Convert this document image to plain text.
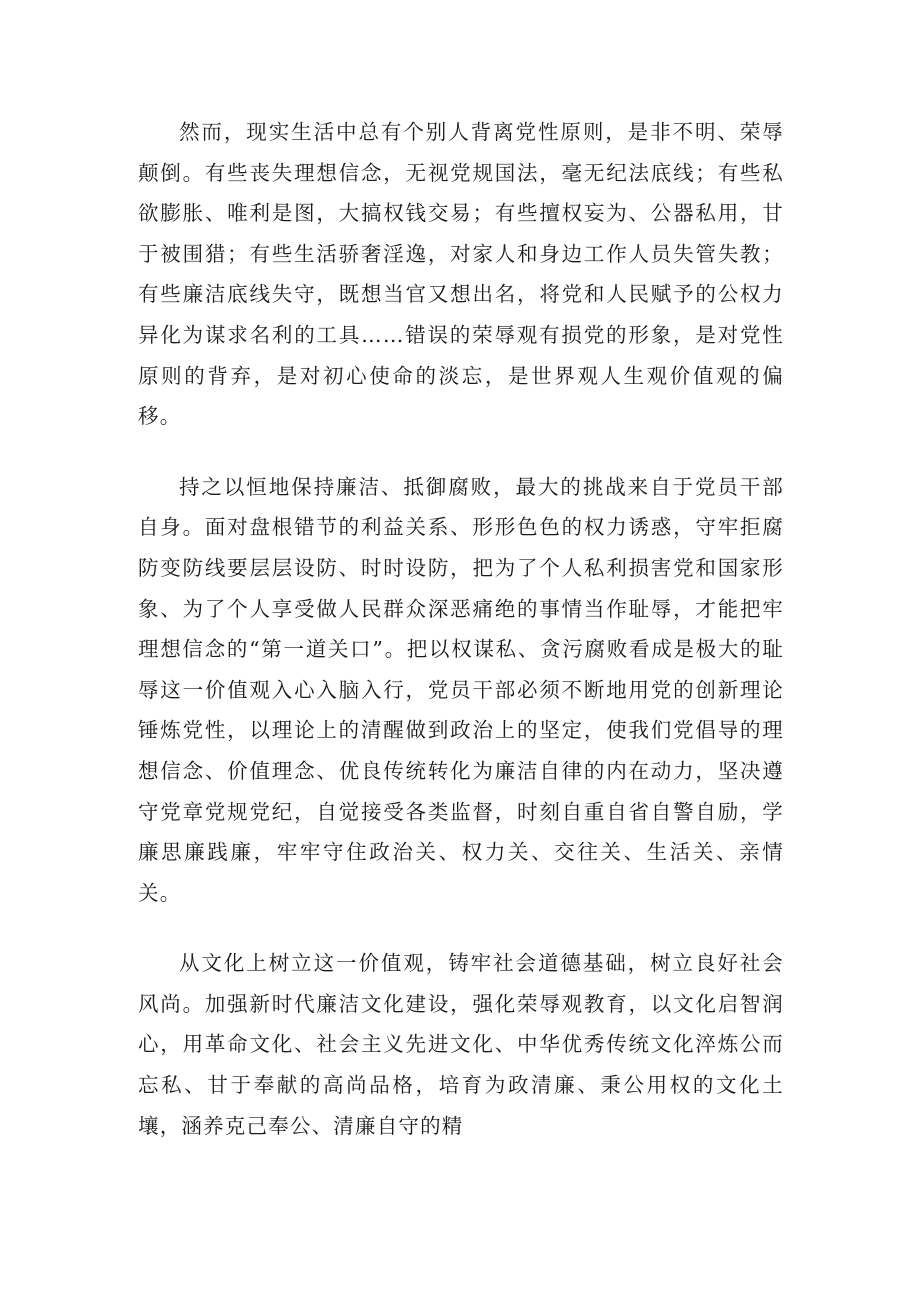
然而，现实生活中总有个别人背离党性原则，是非不明、荣辱颠倒。有些丧失理想信念，无视党规国法，毫无纪法底线；有些私欲膨胀、唯利是图，大搞权钱交易；有些擅权妄为、公器私用，甘于被围猎；有些生活骄奢淫逸，对家人和身边工作人员失管失教；有些廉洁底线失守，既想当官又想出名，将党和人民赋予的公权力异化为谋求名利的工具……错误的荣辱观有损党的形象，是对党性原则的背弃，是对初心使命的淡忘，是世界观人生观价值观的偏移。

持之以恒地保持廉洁、抵御腐败，最大的挑战来自于党员干部自身。面对盘根错节的利益关系、形形色色的权力诱惑，守牢拒腐防变防线要层层设防、时时设防，把为了个人私利损害党和国家形象、为了个人享受做人民群众深恶痛绝的事情当作耻辱，才能把牢理想信念的“第一道关口”。把以权谋私、贪污腐败看成是极大的耻辱这一价值观入心入脑入行，党员干部必须不断地用党的创新理论锤炼党性，以理论上的清醒做到政治上的坚定，使我们党倡导的理想信念、价值理念、优良传统转化为廉洁自律的内在动力，坚决遵守党章党规党纪，自觉接受各类监督，时刻自重自省自警自励，学廉思廉践廉，牢牢守住政治关、权力关、交往关、生活关、亲情关。

从文化上树立这一价值观，铸牢社会道德基础，树立良好社会风尚。加强新时代廉洁文化建设，强化荣辱观教育，以文化启智润心，用革命文化、社会主义先进文化、中华优秀传统文化淬炼公而忘私、甘于奉献的高尚品格，培育为政清廉、秉公用权的文化土壤，涵养克己奉公、清廉自守的精
